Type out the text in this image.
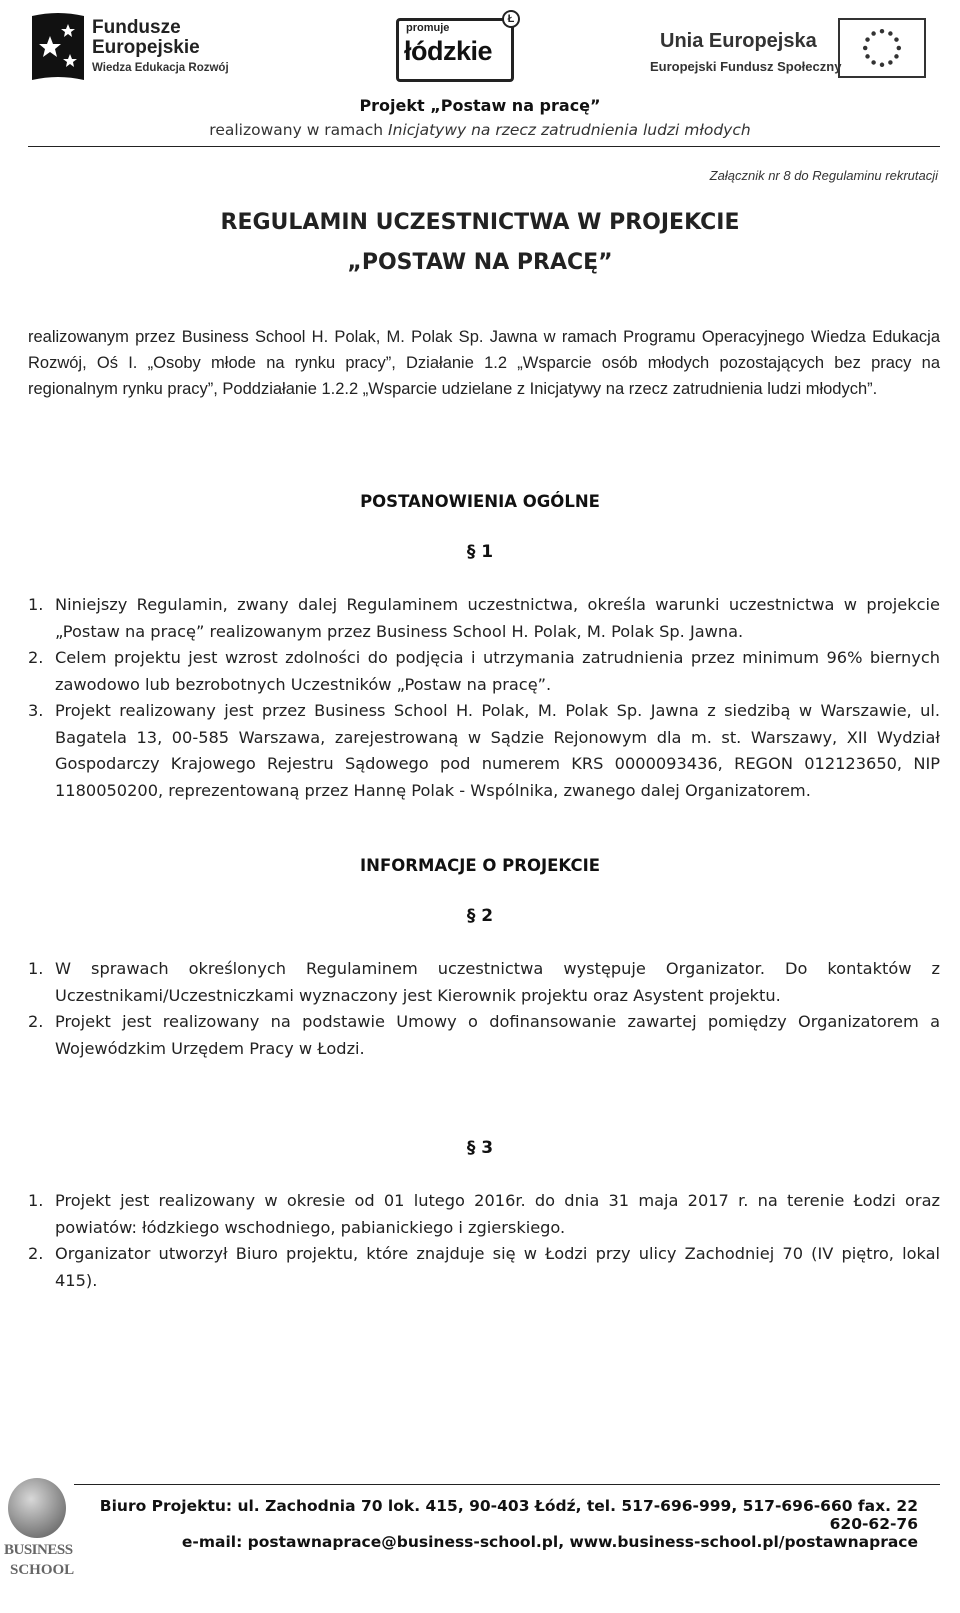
Fundusze
Europejskie
Wiedza Edukacja Rozwój
promuje
łódzkie
Ł
Unia Europejska
Europejski Fundusz Społeczny
Projekt „Postaw na pracę”
realizowany w ramach Inicjatywy na rzecz zatrudnienia ludzi młodych
Załącznik nr 8 do Regulaminu rekrutacji
REGULAMIN UCZESTNICTWA W PROJEKCIE
„POSTAW NA PRACĘ”
realizowanym przez Business School H. Polak, M. Polak Sp. Jawna w ramach Programu Operacyjnego Wiedza Edukacja Rozwój, Oś I. „Osoby młode na rynku pracy”, Działanie 1.2 „Wsparcie osób młodych pozostających bez pracy na regionalnym rynku pracy”, Poddziałanie 1.2.2 „Wsparcie udzielane z Inicjatywy na rzecz zatrudnienia ludzi młodych”.
POSTANOWIENIA OGÓLNE
§ 1
1. Niniejszy Regulamin, zwany dalej Regulaminem uczestnictwa, określa warunki uczestnictwa w projekcie „Postaw na pracę” realizowanym przez Business School H. Polak, M. Polak Sp. Jawna.
2. Celem projektu jest wzrost zdolności do podjęcia i utrzymania zatrudnienia przez minimum 96% biernych zawodowo lub bezrobotnych Uczestników „Postaw na pracę”.
3. Projekt realizowany jest przez Business School H. Polak, M. Polak Sp. Jawna z siedzibą w Warszawie, ul. Bagatela 13, 00-585 Warszawa, zarejestrowaną w Sądzie Rejonowym dla m. st. Warszawy, XII Wydział Gospodarczy Krajowego Rejestru Sądowego pod numerem KRS 0000093436, REGON 012123650, NIP 1180050200, reprezentowaną przez Hannę Polak - Wspólnika, zwanego dalej Organizatorem.
INFORMACJE O PROJEKCIE
§ 2
1. W sprawach określonych Regulaminem uczestnictwa występuje Organizator. Do kontaktów z Uczestnikami/Uczestniczkami wyznaczony jest Kierownik projektu oraz Asystent projektu.
2. Projekt jest realizowany na podstawie Umowy o dofinansowanie zawartej pomiędzy Organizatorem a Wojewódzkim Urzędem Pracy w Łodzi.
§ 3
1. Projekt jest realizowany w okresie od 01 lutego 2016r. do dnia 31 maja 2017 r. na terenie Łodzi oraz powiatów: łódzkiego wschodniego, pabianickiego i zgierskiego.
2. Organizator utworzył Biuro projektu, które znajduje się w Łodzi przy ulicy Zachodniej 70 (IV piętro, lokal 415).
BUSINESS
SCHOOL
Biuro Projektu: ul. Zachodnia 70 lok. 415, 90-403 Łódź, tel. 517-696-999, 517-696-660 fax. 22 620-62-76
e-mail: postawnaprace@business-school.pl, www.business-school.pl/postawnaprace
